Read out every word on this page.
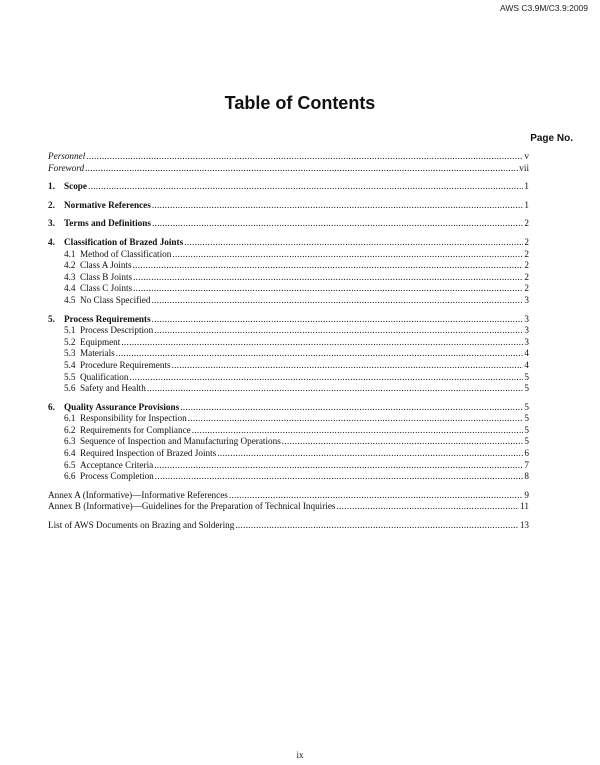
AWS C3.9M/C3.9:2009
Table of Contents
Page No.
Personnel .....	v
Foreword .....	vii
1. Scope .....	1
2. Normative References .....	1
3. Terms and Definitions .....	2
4. Classification of Brazed Joints .....	2
4.1 Method of Classification .....	2
4.2 Class A Joints .....	2
4.3 Class B Joints .....	2
4.4 Class C Joints .....	2
4.5 No Class Specified .....	3
5. Process Requirements .....	3
5.1 Process Description .....	3
5.2 Equipment .....	3
5.3 Materials .....	4
5.4 Procedure Requirements .....	4
5.5 Qualification .....	5
5.6 Safety and Health .....	5
6. Quality Assurance Provisions .....	5
6.1 Responsibility for Inspection .....	5
6.2 Requirements for Compliance .....	5
6.3 Sequence of Inspection and Manufacturing Operations .....	5
6.4 Required Inspection of Brazed Joints .....	6
6.5 Acceptance Criteria .....	7
6.6 Process Completion .....	8
Annex A (Informative)—Informative References .....	9
Annex B (Informative)—Guidelines for the Preparation of Technical Inquiries .....	11
List of AWS Documents on Brazing and Soldering .....	13
ix
